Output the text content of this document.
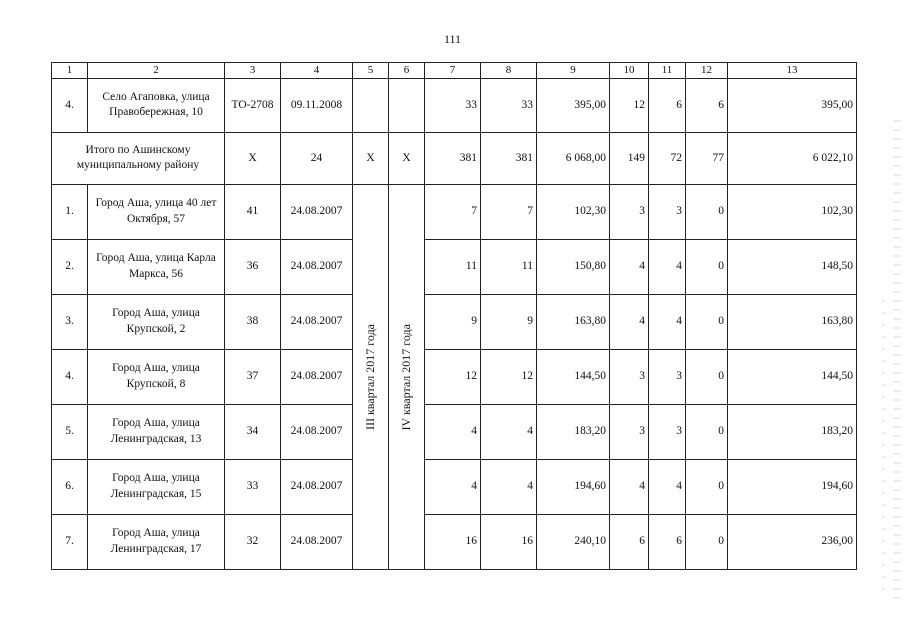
111
1	2	3	4	5	6	7	8	9	10	11	12	13
4.	Село Агаповка, улица Правобережная, 10	ТО-2708	09.11.2008			33	33	395,00	12	6	6	395,00
Итого по Ашинскому муниципальному району		Х	24	Х	Х	381	381	6 068,00	149	72	77	6 022,10
1.	Город Аша, улица 40 лет Октября, 57	41	24.08.2007	III квартал 2017 года	IV квартал 2017 года	7	7	102,30	3	3	0	102,30
2.	Город Аша, улица Карла Маркса, 56	36	24.08.2007			11	11	150,80	4	4	0	148,50
3.	Город Аша, улица Крупской, 2	38	24.08.2007			9	9	163,80	4	4	0	163,80
4.	Город Аша, улица Крупской, 8	37	24.08.2007			12	12	144,50	3	3	0	144,50
5.	Город Аша, улица Ленинградская, 13	34	24.08.2007			4	4	183,20	3	3	0	183,20
6.	Город Аша, улица Ленинградская, 15	33	24.08.2007			4	4	194,60	4	4	0	194,60
7.	Город Аша, улица Ленинградская, 17	32	24.08.2007			16	16	240,10	6	6	0	236,00
